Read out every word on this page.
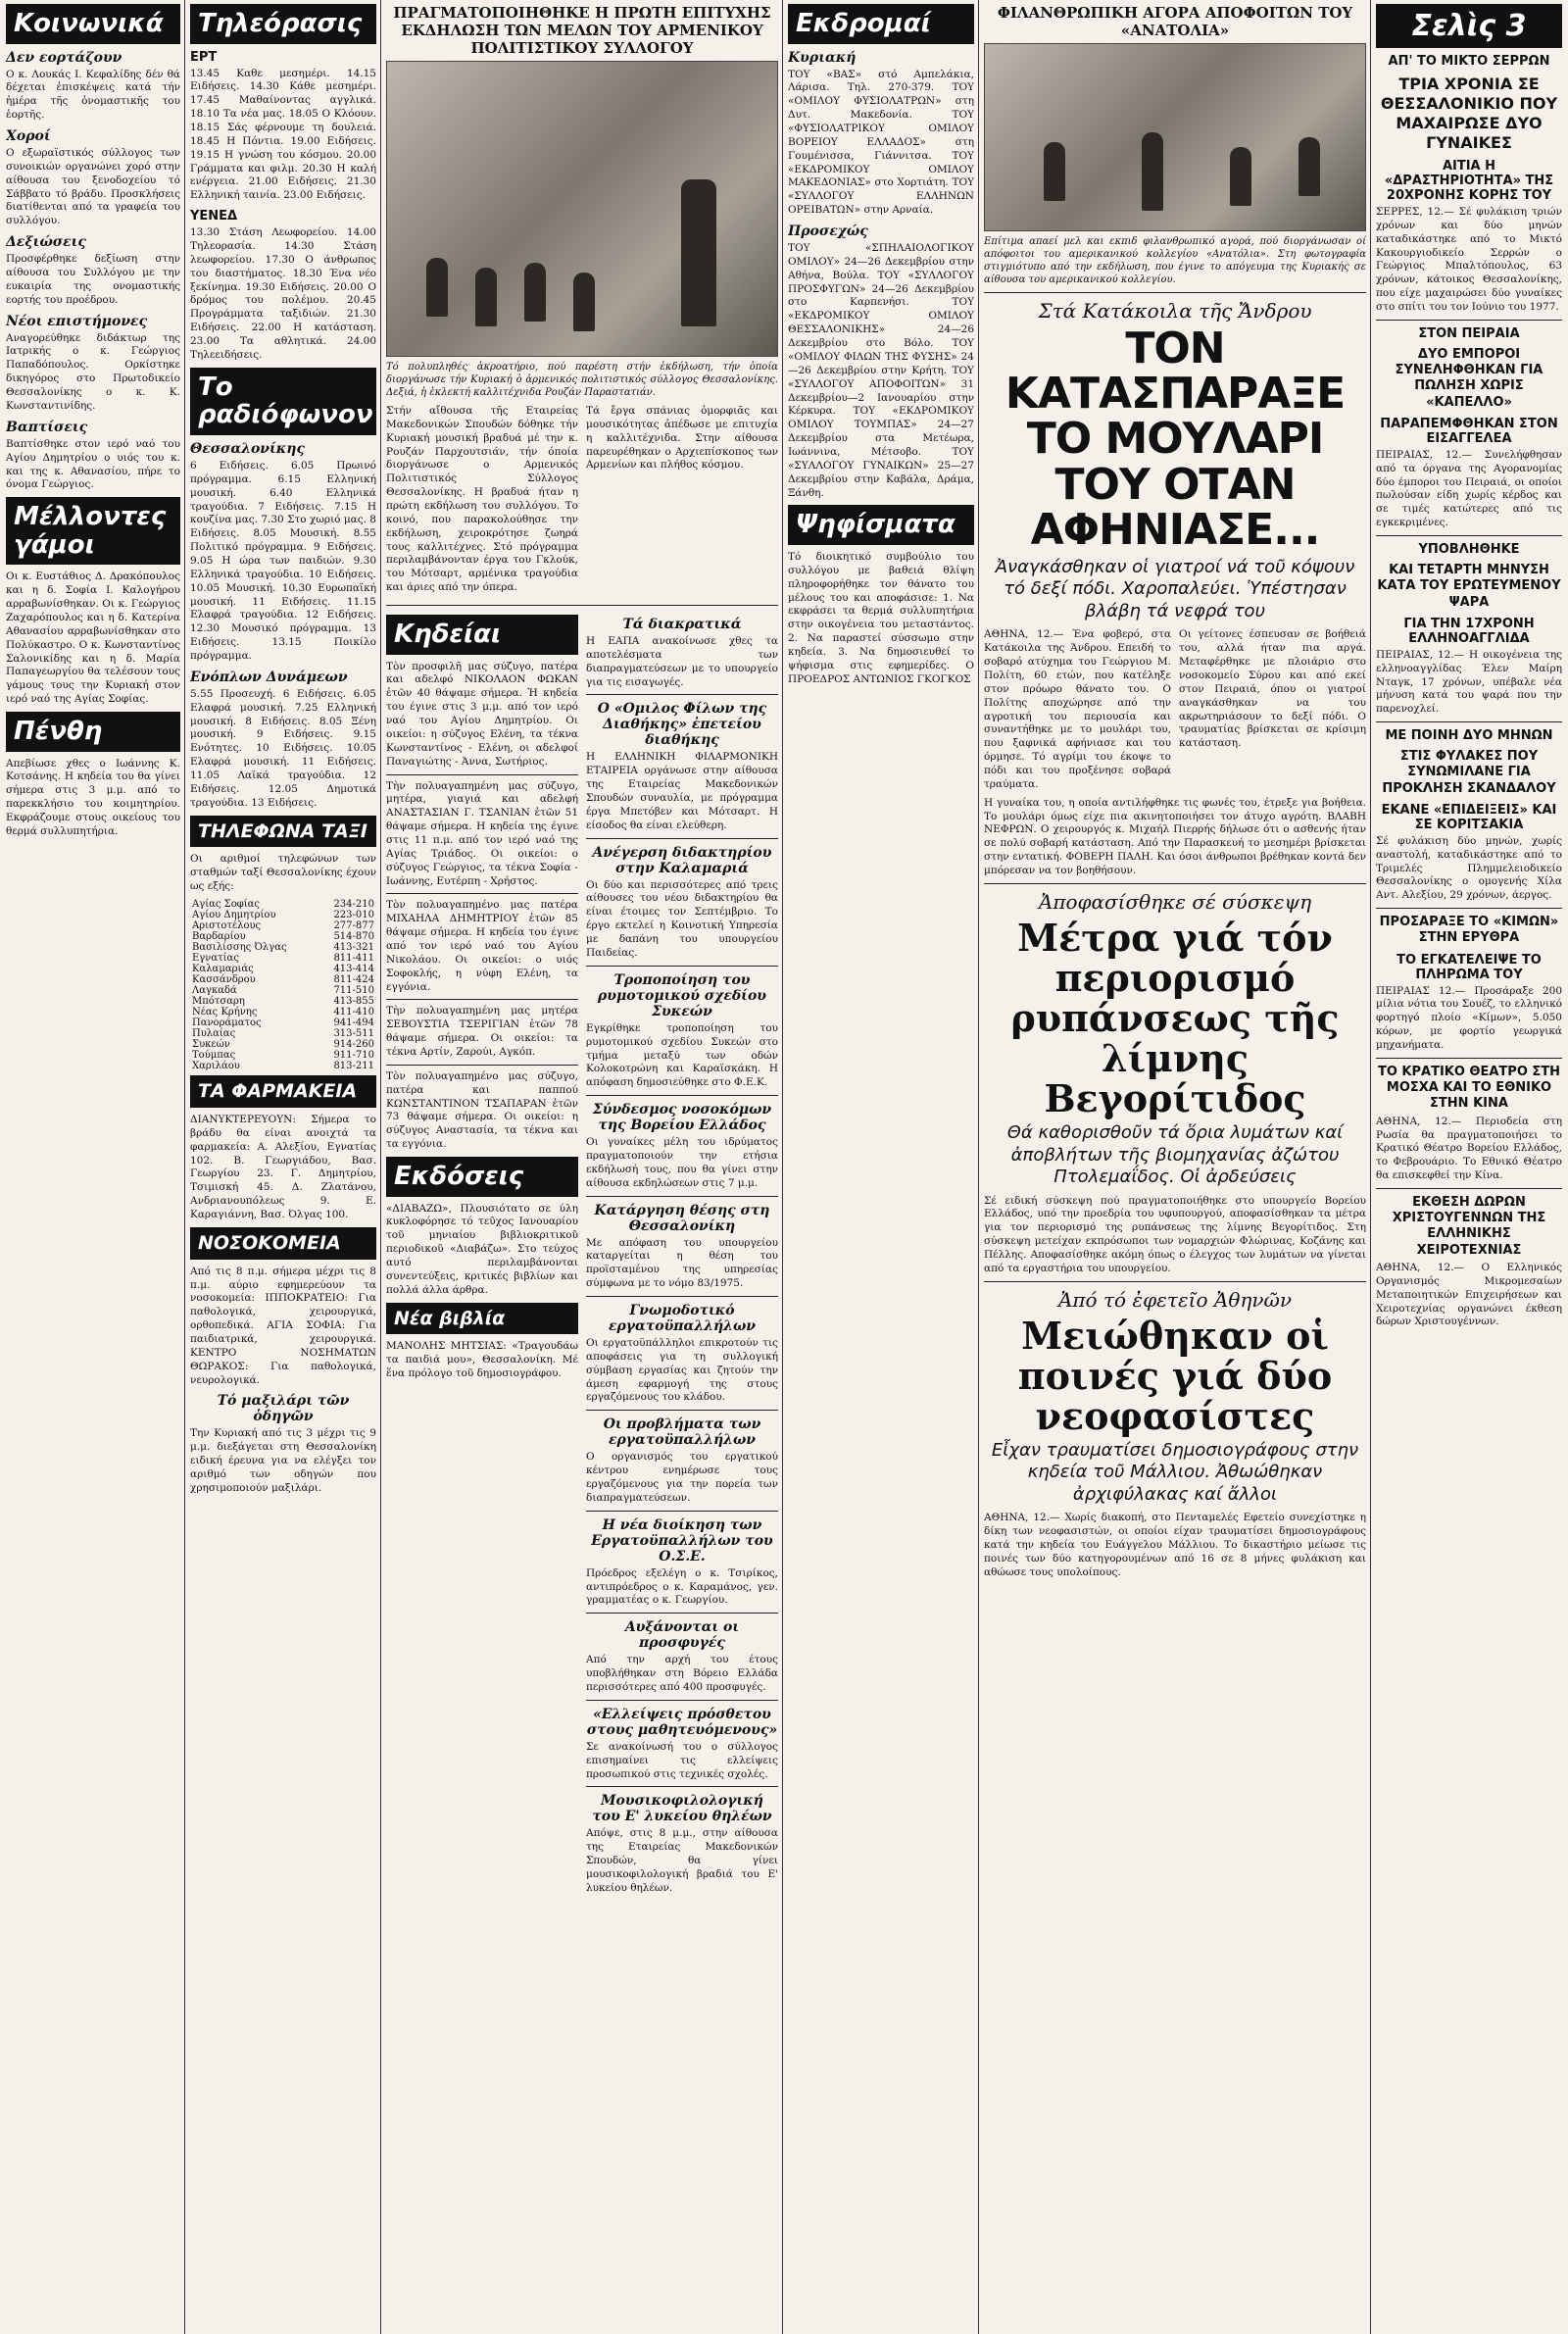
Κοινωνικά
Δεν εορτάζουν

Ο κ. Λουκάς Ι. Κεφαλίδης δέν θά δέχεται ἐπισκέψεις κατά τήν ἡμέρα τῆς ὀνομαστικῆς του ἑορτῆς.

Χοροί

Ο εξωραϊστικός σύλλογος των συνοικιών οργανώνει χορό στην αίθουσα του ξενοδοχείου τό Σάββατο τό βράδυ. Προσκλήσεις διατίθενται από τα γραφεία του συλλόγου.

Δεξιώσεις

Προσφέρθηκε δεξίωση στην αίθουσα του Συλλόγου με την ευκαιρία της ονομαστικής εορτής του προέδρου.

Νέοι επιστήμονες

Αναγορεύθηκε διδάκτωρ της Ιατρικής ο κ. Γεώργιος Παπαδόπουλος. Ορκίστηκε δικηγόρος στο Πρωτοδικείο Θεσσαλονίκης ο κ. Κ. Κωνσταντινίδης.

Βαπτίσεις

Βαπτίσθηκε στον ιερό ναό του Αγίου Δημητρίου ο υιός του κ. και της κ. Αθανασίου, πήρε το όνομα Γεώργιος.

Μέλλοντες γάμοι

Οι κ. Ευστάθιος Δ. Δρακόπουλος και η δ. Σοφία Ι. Καλογήρου αρραβωνίσθηκαν. Οι κ. Γεώργιος Ζαχαρόπουλος και η δ. Κατερίνα Αθανασίου αρραβωνίσθηκαν στο Πολύκαστρο. Ο κ. Κωνσταντίνος Σαλονικίδης και η δ. Μαρία Παπαγεωργίου θα τελέσουν τους γάμους τους την Κυριακή στον ιερό ναό της Αγίας Σοφίας.

Πένθη

Απεβίωσε χθες ο Ιωάννης Κ. Κοτσάνης. Η κηδεία του θα γίνει σήμερα στις 3 μ.μ. από το παρεκκλήσιο του κοιμητηρίου. Εκφράζουμε στους οικείους του θερμά συλλυπητήρια.

Τηλεόρασις
ΕΡΤ

13.45 Καθε μεσημέρι. 14.15 Ειδήσεις. 14.30 Κάθε μεσημέρι. 17.45 Μαθαίνοντας αγγλικά. 18.10 Τα νέα μας. 18.05 Ο Κλόουν. 18.15 Σάς φέρνουμε τη δουλειά. 18.45 Η Πόντια. 19.00 Ειδήσεις. 19.15 Η γνώση του κόσμου. 20.00 Γράμματα και φιλμ. 20.30 Η καλή ενέργεια. 21.00 Ειδήσεις. 21.30 Ελληνική ταινία. 23.00 Ειδήσεις.

ΥΕΝΕΔ

13.30 Στάση Λεωφορείου. 14.00 Τηλεορασία. 14.30 Στάση λεωφορείου. 17.30 Ο άνθρωπος του διαστήματος. 18.30 Ένα νέο ξεκίνημα. 19.30 Ειδήσεις. 20.00 Ο δρόμος του πολέμου. 20.45 Προγράμματα ταξιδιών. 21.30 Ειδήσεις. 22.00 Η κατάσταση. 23.00 Τα αθλητικά. 24.00 Τηλεειδήσεις.

Το ραδιόφωνον
Θεσσαλονίκης

6 Ειδήσεις. 6.05 Πρωινό πρόγραμμα. 6.15 Ελληνική μουσική. 6.40 Ελληνικά τραγούδια. 7 Ειδήσεις. 7.15 Η κουζίνα μας. 7.30 Στο χωριό μας. 8 Ειδήσεις. 8.05 Μουσική. 8.55 Πολιτικό πρόγραμμα. 9 Ειδήσεις. 9.05 Η ώρα των παιδιών. 9.30 Ελληνικά τραγούδια. 10 Ειδήσεις. 10.05 Μουσική. 10.30 Ευρωπαϊκή μουσική. 11 Ειδήσεις. 11.15 Ελαφρά τραγούδια. 12 Ειδήσεις. 12.30 Μουσικό πρόγραμμα. 13 Ειδήσεις. 13.15 Ποικίλο πρόγραμμα.

Ενόπλων Δυνάμεων

5.55 Προσευχή. 6 Ειδήσεις. 6.05 Ελαφρά μουσική. 7.25 Ελληνική μουσική. 8 Ειδήσεις. 8.05 Ξένη μουσική. 9 Ειδήσεις. 9.15 Ενότητες. 10 Ειδήσεις. 10.05 Ελαφρά μουσική. 11 Ειδήσεις. 11.05 Λαϊκά τραγούδια. 12 Ειδήσεις. 12.05 Δημοτικά τραγούδια. 13 Ειδήσεις.

ΤΗΛΕΦΩΝΑ ΤΑΞΙ

Οι αριθμοί τηλεφώνων των σταθμών ταξί Θεσσαλονίκης έχουν ως εξής:

Αγίας Σοφίας	234-210
Αγίου Δημητρίου	223-010
Αριστοτέλους	277-877
Βαρδαρίου	514-870
Βασιλίσσης Όλγας	413-321
Εγνατίας	811-411
Καλαμαριάς	413-414
Κασσάνδρου	811-424
Λαγκαδά	711-510
Μπότσαρη	413-855
Νέας Κρήνης	411-410
Πανοράματος	941-494
Πυλαίας	313-511
Συκεών	914-260
Τούμπας	911-710
Χαριλάου	813-211
ΤΑ ΦΑΡΜΑΚΕΙΑ

ΔΙΑΝΥΚΤΕΡΕΥΟΥΝ: Σήμερα το βράδυ θα είναι ανοιχτά τα φαρμακεία: Α. Αλεξίου, Εγνατίας 102. Β. Γεωργιάδου, Βασ. Γεωργίου 23. Γ. Δημητρίου, Τσιμισκή 45. Δ. Ζλατάνου, Ανδριανουπόλεως 9. Ε. Καραγιάννη, Βασ. Όλγας 100.

ΝΟΣΟΚΟΜΕΙΑ

Από τις 8 π.μ. σήμερα μέχρι τις 8 π.μ. αύριο εφημερεύουν τα νοσοκομεία: ΙΠΠΟΚΡΑΤΕΙΟ: Για παθολογικά, χειρουργικά, ορθοπεδικά. ΑΓΙΑ ΣΟΦΙΑ: Για παιδιατρικά, χειρουργικά. ΚΕΝΤΡΟ ΝΟΣΗΜΑΤΩΝ ΘΩΡΑΚΟΣ: Για παθολογικά, νευρολογικά.

Τό μαξιλάρι τῶν ὁδηγῶν

Την Κυριακή από τις 3 μέχρι τις 9 μ.μ. διεξάγεται στη Θεσσαλονίκη ειδική έρευνα για να ελέγξει τον αριθμό των οδηγών που χρησιμοποιούν μαξιλάρι.

ΠΡΑΓΜΑΤΟΠΟΙΗΘΗΚΕ Η ΠΡΩΤΗ ΕΠΙΤΥΧΗΣ ΕΚΔΗΛΩΣΗ ΤΩΝ ΜΕΛΩΝ ΤΟΥ ΑΡΜΕΝΙΚΟΥ ΠΟΛΙΤΙΣΤΙΚΟΥ ΣΥΛΛΟΓΟΥ

Τό πολυπληθές ἀκροατήριο, πού παρέστη στήν ἐκδήλωση, τήν ὁποία διοργάνωσε τήν Κυριακή ὁ ἀρμενικός πολιτιστικός σύλλογος Θεσσαλονίκης. Δεξιά, ἡ ἐκλεκτή καλλιτέχνιδα Ρουζάν Παραστατιάν.

Στήν αἴθουσα τῆς Εταιρείας Μακεδονικών Σπουδών δόθηκε τήν Κυριακή μουσική βραδυά μέ την κ. Ρουζάν Παρχουτσιάν, τήν όποία διοργάνωσε ο Αρμενικός Πολιτιστικός Σύλλογος Θεσσαλονίκης. Η βραδυά ήταν η πρώτη εκδήλωση του συλλόγου. Το κοινό, που παρακολούθησε την εκδήλωση, χειροκρότησε ζωηρά τους καλλιτέχνες. Στό πρόγραμμα περιλαμβάνονταν έργα του Γκλούκ, του Μότσαρτ, αρμένικα τραγούδια και άριες από την όπερα.

Τά ἔργα σπάνιας ὀμορφιᾶς και μουσικότητας ἀπέδωσε με επιτυχία η καλλιτέχνιδα. Στην αίθουσα παρευρέθηκαν ο Αρχιεπίσκοπος των Αρμενίων και πλήθος κόσμου.

Κηδείαι

Τὸν προσφιλῆ μας σύζυγο, πατέρα και αδελφό ΝΙΚΟΛΑΟΝ ΦΩΚΑΝ ἐτῶν 40 θάψαμε σήμερα. Ἡ κηδεία του έγινε στις 3 μ.μ. από τον ιερό ναό του Αγίου Δημητρίου. Οι οικείοι: η σύζυγος Ελένη, τα τέκνα Κωνσταντίνος - Ελένη, οι αδελφοί Παναγιώτης - Άννα, Σωτήριος.

Τὴν πολυαγαπημένη μας σύζυγο, μητέρα, γιαγιά και αδελφή ΑΝΑΣΤΑΣΙΑΝ Γ. ΤΣΑΝΙΑΝ ἐτῶν 51 θάψαμε σήμερα. Η κηδεία της έγινε στις 11 π.μ. από τον ιερό ναό της Αγίας Τριάδος. Οι οικείοι: ο σύζυγος Γεώργιος, τα τέκνα Σοφία - Ιωάννης, Ευτέρπη - Χρήστος.

Τὸν πολυαγαπημένο μας πατέρα ΜΙΧΑΗΛΑ ΔΗΜΗΤΡΙΟΥ ἐτῶν 85 θάψαμε σήμερα. Η κηδεία του έγινε από τον ιερό ναό του Αγίου Νικολάου. Οι οικείοι: ο υιός Σοφοκλής, η νύφη Ελένη, τα εγγόνια.

Τὴν πολυαγαπημένη μας μητέρα ΣΕΒΟΥΣΤΙΑ ΤΣΕΡΙΓΙΑΝ ἐτῶν 78 θάψαμε σήμερα. Οι οικείοι: τα τέκνα Αρτίν, Ζαρούι, Αγκόπ.

Τὸν πολυαγαπημένο μας σύζυγο, πατέρα και παππού ΚΩΝΣΤΑΝΤΙΝΟΝ ΤΣΑΠΑΡΑΝ ἐτῶν 73 θάψαμε σήμερα. Οι οικείοι: η σύζυγος Αναστασία, τα τέκνα και τα εγγόνια.

Εκδόσεις

«ΔΙΑΒΑΖΩ», Πλουσιότατο σε ύλη κυκλοφόρησε τό τεῦχος Ιανουαρίου τοῦ μηνιαίου βιβλιοκριτικοῦ περιοδικοῦ «Διαβάζω». Στο τεύχος αυτό περιλαμβάνονται συνεντεύξεις, κριτικές βιβλίων και πολλά άλλα άρθρα.

Νέα βιβλία

ΜΑΝΟΛΗΣ ΜΗΤΣΙΑΣ: «Τραγουδάω τα παιδιά μου», Θεσσαλονίκη. Μέ ἕνα πρόλογο τοῦ δημοσιογράφου.

Τά διακρατικά

Η ΕΑΠΑ ανακοίνωσε χθες τα αποτελέσματα των διαπραγματεύσεων με το υπουργείο για τις εισαγωγές.

Ο «Ομιλος Φίλων της Διαθήκης» ἐπετείου διαθήκης

Η ΕΛΛΗΝΙΚΗ ΦΙΛΑΡΜΟΝΙΚΗ ΕΤΑΙΡΕΙΑ οργάνωσε στην αίθουσα της Εταιρείας Μακεδονικών Σπουδών συναυλία, με πρόγραμμα έργα Μπετόβεν και Μότσαρτ. Η είσοδος θα είναι ελεύθερη.

Ανέγερση διδακτηρίου στην Καλαμαριά

Οι δύο και περισσότερες από τρεις αίθουσες του νέου διδακτηρίου θα είναι έτοιμες τον Σεπτέμβριο. Το έργο εκτελεί η Κοινοτική Υπηρεσία με δαπάνη του υπουργείου Παιδείας.

Τροποποίηση του ρυμοτομικού σχεδίου Συκεών

Εγκρίθηκε τροποποίηση του ρυμοτομικού σχεδίου Συκεών στο τμήμα μεταξύ των οδών Κολοκοτρώνη και Καραϊσκάκη. Η απόφαση δημοσιεύθηκε στο Φ.Ε.Κ.

Σύνδεσμος νοσοκόμων της Βορείου Ελλάδος

Οι γυναίκες μέλη του ιδρύματος πραγματοποιούν την ετήσια εκδήλωσή τους, που θα γίνει στην αίθουσα εκδηλώσεων στις 7 μ.μ.

Κατάργηση θέσης στη Θεσσαλονίκη

Με απόφαση του υπουργείου καταργείται η θέση του προϊσταμένου της υπηρεσίας σύμφωνα με το νόμο 83/1975.

Γνωμοδοτικό εργατοϋπαλλήλων

Οι εργατοϋπάλληλοι επικροτούν τις αποφάσεις για τη συλλογική σύμβαση εργασίας και ζητούν την άμεση εφαρμογή της στους εργαζόμενους του κλάδου.

Οι προβλήματα των εργατοϋπαλλήλων

Ο οργανισμός του εργατικού κέντρου ενημέρωσε τους εργαζόμενους για την πορεία των διαπραγματεύσεων.

Η νέα διοίκηση των Εργατοϋπαλλήλων του Ο.Σ.Ε.

Πρόεδρος εξελέγη ο κ. Τσιρίκος, αντιπρόεδρος ο κ. Καραμάνος, γεν. γραμματέας ο κ. Γεωργίου.

Αυξάνονται οι προσφυγές

Από την αρχή του έτους υποβλήθηκαν στη Βόρειο Ελλάδα περισσότερες από 400 προσφυγές.

«Ελλείψεις πρόσθετου στους μαθητευόμενους»

Σε ανακοίνωσή του ο σύλλογος επισημαίνει τις ελλείψεις προσωπικού στις τεχνικές σχολές.

Μουσικοφιλολογική του Ε' λυκείου θηλέων

Απόψε, στις 8 μ.μ., στην αίθουσα της Εταιρείας Μακεδονικών Σπουδών, θα γίνει μουσικοφιλολογική βραδιά του Ε' λυκείου θηλέων.

Εκδρομαί
Κυριακή

ΤΟΥ «ΒΑΣ» στό Αμπελάκια, Λάρισα. Τηλ. 270-379. ΤΟΥ «ΟΜΙΛΟΥ ΦΥΣΙΟΛΑΤΡΩΝ» στη Δυτ. Μακεδονία. ΤΟΥ «ΦΥΣΙΟΛΑΤΡΙΚΟΥ ΟΜΙΛΟΥ ΒΟΡΕΙΟΥ ΕΛΛΑΔΟΣ» στη Γουμένισσα, Γιάννιτσα. ΤΟΥ «ΕΚΔΡΟΜΙΚΟΥ ΟΜΙΛΟΥ ΜΑΚΕΔΟΝΙΑΣ» στο Χορτιάτη. ΤΟΥ «ΣΥΛΛΟΓΟΥ ΕΛΛΗΝΩΝ ΟΡΕΙΒΑΤΩΝ» στην Αρναία.

Προσεχώς

ΤΟΥ «ΣΠΗΛΑΙΟΛΟΓΙΚΟΥ ΟΜΙΛΟΥ» 24—26 Δεκεμβρίου στην Αθήνα, Βούλα. ΤΟΥ «ΣΥΛΛΟΓΟΥ ΠΡΟΣΦΥΓΩΝ» 24—26 Δεκεμβρίου στο Καρπενήσι. ΤΟΥ «ΕΚΔΡΟΜΙΚΟΥ ΟΜΙΛΟΥ ΘΕΣΣΑΛΟΝΙΚΗΣ» 24—26 Δεκεμβρίου στο Βόλο. ΤΟΥ «ΟΜΙΛΟΥ ΦΙΛΩΝ ΤΗΣ ΦΥΣΗΣ» 24—26 Δεκεμβρίου στην Κρήτη. ΤΟΥ «ΣΥΛΛΟΓΟΥ ΑΠΟΦΟΙΤΩΝ» 31 Δεκεμβρίου—2 Ιανουαρίου στην Κέρκυρα. ΤΟΥ «ΕΚΔΡΟΜΙΚΟΥ ΟΜΙΛΟΥ ΤΟΥΜΠΑΣ» 24—27 Δεκεμβρίου στα Μετέωρα, Ιωάννινα, Μέτσοβο. ΤΟΥ «ΣΥΛΛΟΓΟΥ ΓΥΝΑΙΚΩΝ» 25—27 Δεκεμβρίου στην Καβάλα, Δράμα, Ξάνθη.

Ψηφίσματα

Τό διοικητικό συμβούλιο του συλλόγου με βαθειά θλίψη πληροφορήθηκε τον θάνατο του μέλους του και αποφάσισε: 1. Να εκφράσει τα θερμά συλλυπητήρια στην οικογένεια του μεταστάντος. 2. Να παραστεί σύσσωμο στην κηδεία. 3. Να δημοσιευθεί το ψήφισμα στις εφημερίδες. Ο ΠΡΟΕΔΡΟΣ ΑΝΤΩΝΙΟΣ ΓΚΟΓΚΟΣ

ΦΙΛΑΝΘΡΩΠΙΚΗ ΑΓΟΡΑ ΑΠΟΦΟΙΤΩΝ ΤΟΥ «ΑΝΑΤΟΛΙΑ»

Επίτιμα απαεί μελ και εκπιδ φιλανθρωπικό αγορά, πού διοργάνωσαν οί απόφοιτοι του αμερικανικού κολλεγίου «Ανατόλια». Στη φωτογραφία στιγμιότυπο από την εκδήλωση, που έγινε το απόγευμα της Κυριακής σε αίθουσα του αμερικανικού κολλεγίου.

Στά Κατάκοιλα τῆς Ἄνδρου
ΤΟΝ ΚΑΤΑΣΠΑΡΑΞΕ ΤΟ ΜΟΥΛΑΡΙ ΤΟΥ ΟΤΑΝ ΑΦΗΝΙΑΣΕ...
Ἀναγκάσθηκαν οἱ γιατροί νά τοῦ κόψουν τό δεξί πόδι. Χαροπαλεύει. Ὑπέστησαν βλάβη τά νεφρά του

ΑΘΗΝΑ, 12.— Ένα φοβερό, στα Κατάκοιλα της Άνδρου. Επειδή το σοβαρό ατύχημα του Γεώργιου Μ. Πολίτη, 60 ετών, που κατέληξε στον πρόωρο θάνατο του. Ο Πολίτης αποχώρησε από την αγροτική του περιουσία και συναντήθηκε με το μουλάρι του, που ξαφνικά αφήνιασε και του όρμησε. Τό αγρίμι του έκοψε το πόδι και του προξένησε σοβαρά τραύματα.

Οι γείτονες έσπευσαν σε βοήθειά του, αλλά ήταν πια αργά. Μεταφέρθηκε με πλοιάριο στο νοσοκομείο Σύρου και από εκεί στον Πειραιά, όπου οι γιατροί αναγκάσθηκαν να του ακρωτηριάσουν το δεξί πόδι. Ο τραυματίας βρίσκεται σε κρίσιμη κατάσταση.

Η γυναίκα του, η οποία αντιλήφθηκε τις φωνές του, έτρεξε για βοήθεια. Το μουλάρι όμως είχε πια ακινητοποιήσει τον άτυχο αγρότη. ΒΛΑΒΗ ΝΕΦΡΩΝ. Ο χειρουργός κ. Μιχαήλ Πιερρής δήλωσε ότι ο ασθενής ήταν σε πολύ σοβαρή κατάσταση. Από την Παρασκευή το μεσημέρι βρίσκεται στην εντατική. ΦΟΒΕΡΗ ΠΑΛΗ. Και όσοι άνθρωποι βρέθηκαν κοντά δεν μπόρεσαν να τον βοηθήσουν.

Ἀποφασίσθηκε σέ σύσκεψη
Μέτρα γιά τόν περιορισμό ρυπάνσεως τῆς λίμνης Βεγορίτιδος
Θά καθορισθοῦν τά ὅρια λυμάτων καί ἀποβλήτων τῆς βιομηχανίας ἀζώτου Πτολεμαΐδος. Οἱ ἀρδεύσεις

Σέ ειδική σύσκεψη πού πραγματοποιήθηκε στο υπουργείο Βορείου Ελλάδος, υπό την προεδρία του υφυπουργού, αποφασίσθηκαν τα μέτρα για τον περιορισμό της ρυπάνσεως της λίμνης Βεγορίτιδος. Στη σύσκεψη μετείχαν εκπρόσωποι των νομαρχιών Φλώρινας, Κοζάνης και Πέλλης. Αποφασίσθηκε ακόμη όπως ο έλεγχος των λυμάτων να γίνεται από τα εργαστήρια του υπουργείου.

Ἀπό τό ἐφετεῖο Ἀθηνῶν
Μειώθηκαν οἱ ποινές γιά δύο νεοφασίστες
Εἶχαν τραυματίσει δημοσιογράφους στην κηδεία τοῦ Μάλλιου. Ἀθωώθηκαν ἀρχιφύλακας καί ἄλλοι

ΑΘΗΝΑ, 12.— Χωρίς διακοπή, στο Πενταμελές Εφετείο συνεχίστηκε η δίκη των νεοφασιστών, οι οποίοι είχαν τραυματίσει δημοσιογράφους κατά την κηδεία του Ευάγγελου Μάλλιου. Το δικαστήριο μείωσε τις ποινές των δύο κατηγορουμένων από 16 σε 8 μήνες φυλάκιση και αθώωσε τους υπολοίπους.

Σελὶς 3
ΑΠ' ΤΟ ΜΙΚΤΟ ΣΕΡΡΩΝ
ΤΡΙΑ ΧΡΟΝΙΑ ΣΕ ΘΕΣΣΑΛΟΝΙΚΙΟ ΠΟΥ ΜΑΧΑΙΡΩΣΕ ΔΥΟ ΓΥΝΑΙΚΕΣ
ΑΙΤΙΑ Η «ΔΡΑΣΤΗΡΙΟΤΗΤΑ» ΤΗΣ 20ΧΡΟΝΗΣ ΚΟΡΗΣ ΤΟΥ

ΣΕΡΡΕΣ, 12.— Σέ φυλάκιση τριών χρόνων και δύο μηνών καταδικάστηκε από το Μικτό Κακουργιοδικείο Σερρών ο Γεώργιος Μπαλτόπουλος, 63 χρόνων, κάτοικος Θεσσαλονίκης, που είχε μαχαιρώσει δύο γυναίκες στο σπίτι του τον Ιούνιο του 1977.

ΣΤΟΝ ΠΕΙΡΑΙΑ
ΔΥΟ ΕΜΠΟΡΟΙ ΣΥΝΕΛΗΦΘΗΚΑΝ ΓΙΑ ΠΩΛΗΣΗ ΧΩΡΙΣ «ΚΑΠΕΛΛΟ»
ΠΑΡΑΠΕΜΦΘΗΚΑΝ ΣΤΟΝ ΕΙΣΑΓΓΕΛΕΑ

ΠΕΙΡΑΙΑΣ, 12.— Συνελήφθησαν από τα όργανα της Αγορανομίας δύο έμποροι του Πειραιά, οι οποίοι πωλούσαν είδη χωρίς κέρδος και σε τιμές κατώτερες από τις εγκεκριμένες.

ΥΠΟΒΛΗΘΗΚΕ
ΚΑΙ ΤΕΤΑΡΤΗ ΜΗΝΥΣΗ ΚΑΤΑ ΤΟΥ ΕΡΩΤΕΥΜΕΝΟΥ ΨΑΡΑ
ΓΙΑ ΤΗΝ 17ΧΡΟΝΗ ΕΛΛΗΝΟΑΓΓΛΙΔΑ

ΠΕΙΡΑΙΑΣ, 12.— Η οικογένεια της ελληνοαγγλίδας Έλεν Μαίρη Νταγκ, 17 χρόνων, υπέβαλε νέα μήνυση κατά του ψαρά που την παρενοχλεί.

ΜΕ ΠΟΙΝΗ ΔΥΟ ΜΗΝΩΝ
ΣΤΙΣ ΦΥΛΑΚΕΣ ΠΟΥ ΣΥΝΩΜΙΛΑΝΕ ΓΙΑ ΠΡΟΚΛΗΣΗ ΣΚΑΝΔΑΛΟΥ
ΕΚΑΝΕ «ΕΠΙΔΕΙΞΕΙΣ» ΚΑΙ ΣΕ ΚΟΡΙΤΣΑΚΙΑ

Σέ φυλάκιση δύο μηνών, χωρίς αναστολή, καταδικάστηκε από το Τριμελές Πλημμελειοδικείο Θεσσαλονίκης ο ομογενής Χίλα Αντ. Αλεξίου, 29 χρόνων, άεργος.

ΠΡΟΣΑΡΑΞΕ ΤΟ «ΚΙΜΩΝ» ΣΤΗΝ ΕΡΥΘΡΑ
ΤΟ ΕΓΚΑΤΕΛΕΙΨΕ ΤΟ ΠΛΗΡΩΜΑ ΤΟΥ

ΠΕΙΡΑΙΑΣ 12.— Προσάραξε 200 μίλια νότια του Σουέζ, το ελληνικό φορτηγό πλοίο «Κίμων», 5.050 κόρων, με φορτίο γεωργικά μηχανήματα.

ΤΟ ΚΡΑΤΙΚΟ ΘΕΑΤΡΟ ΣΤΗ ΜΟΣΧΑ ΚΑΙ ΤΟ ΕΘΝΙΚΟ ΣΤΗΝ ΚΙΝΑ

ΑΘΗΝΑ, 12.— Περιοδεία στη Ρωσία θα πραγματοποιήσει το Κρατικό Θέατρο Βορείου Ελλάδος, το Φεβρουάριο. Το Εθνικό Θέατρο θα επισκεφθεί την Κίνα.

ΕΚΘΕΣΗ ΔΩΡΩΝ ΧΡΙΣΤΟΥΓΕΝΝΩΝ ΤΗΣ ΕΛΛΗΝΙΚΗΣ ΧΕΙΡΟΤΕΧΝΙΑΣ

ΑΘΗΝΑ, 12.— Ο Ελληνικός Οργανισμός Μικρομεσαίων Μεταποιητικών Επιχειρήσεων και Χειροτεχνίας οργανώνει έκθεση δώρων Χριστουγέννων.
